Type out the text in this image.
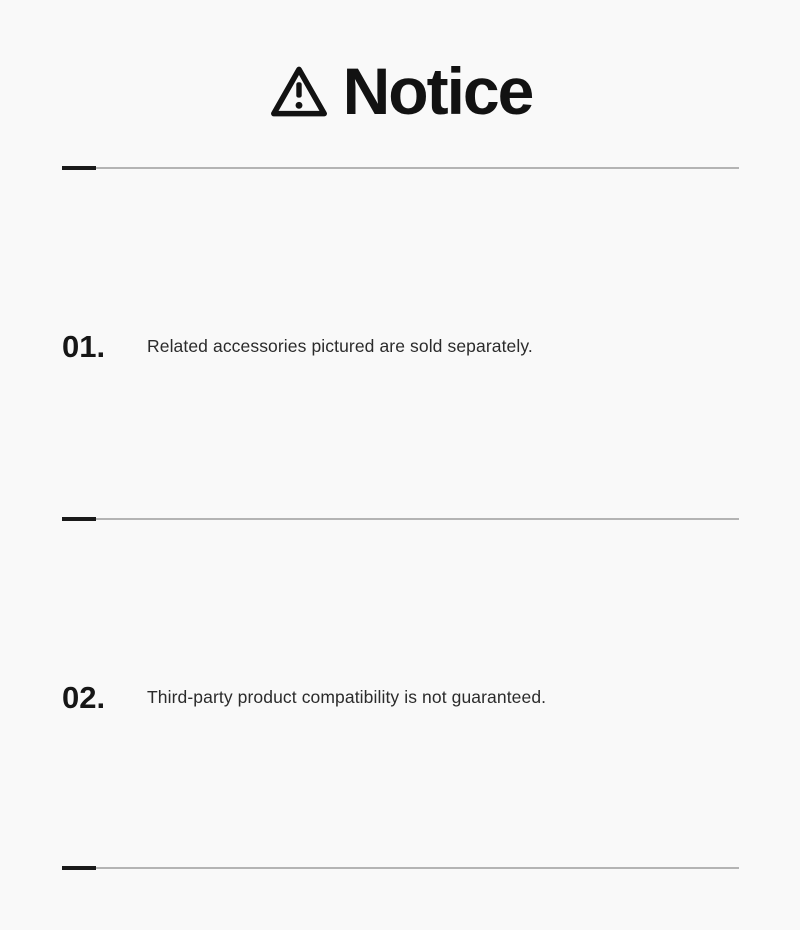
Notice
01.	Related accessories pictured are sold separately.
02.	Third-party product compatibility is not guaranteed.
